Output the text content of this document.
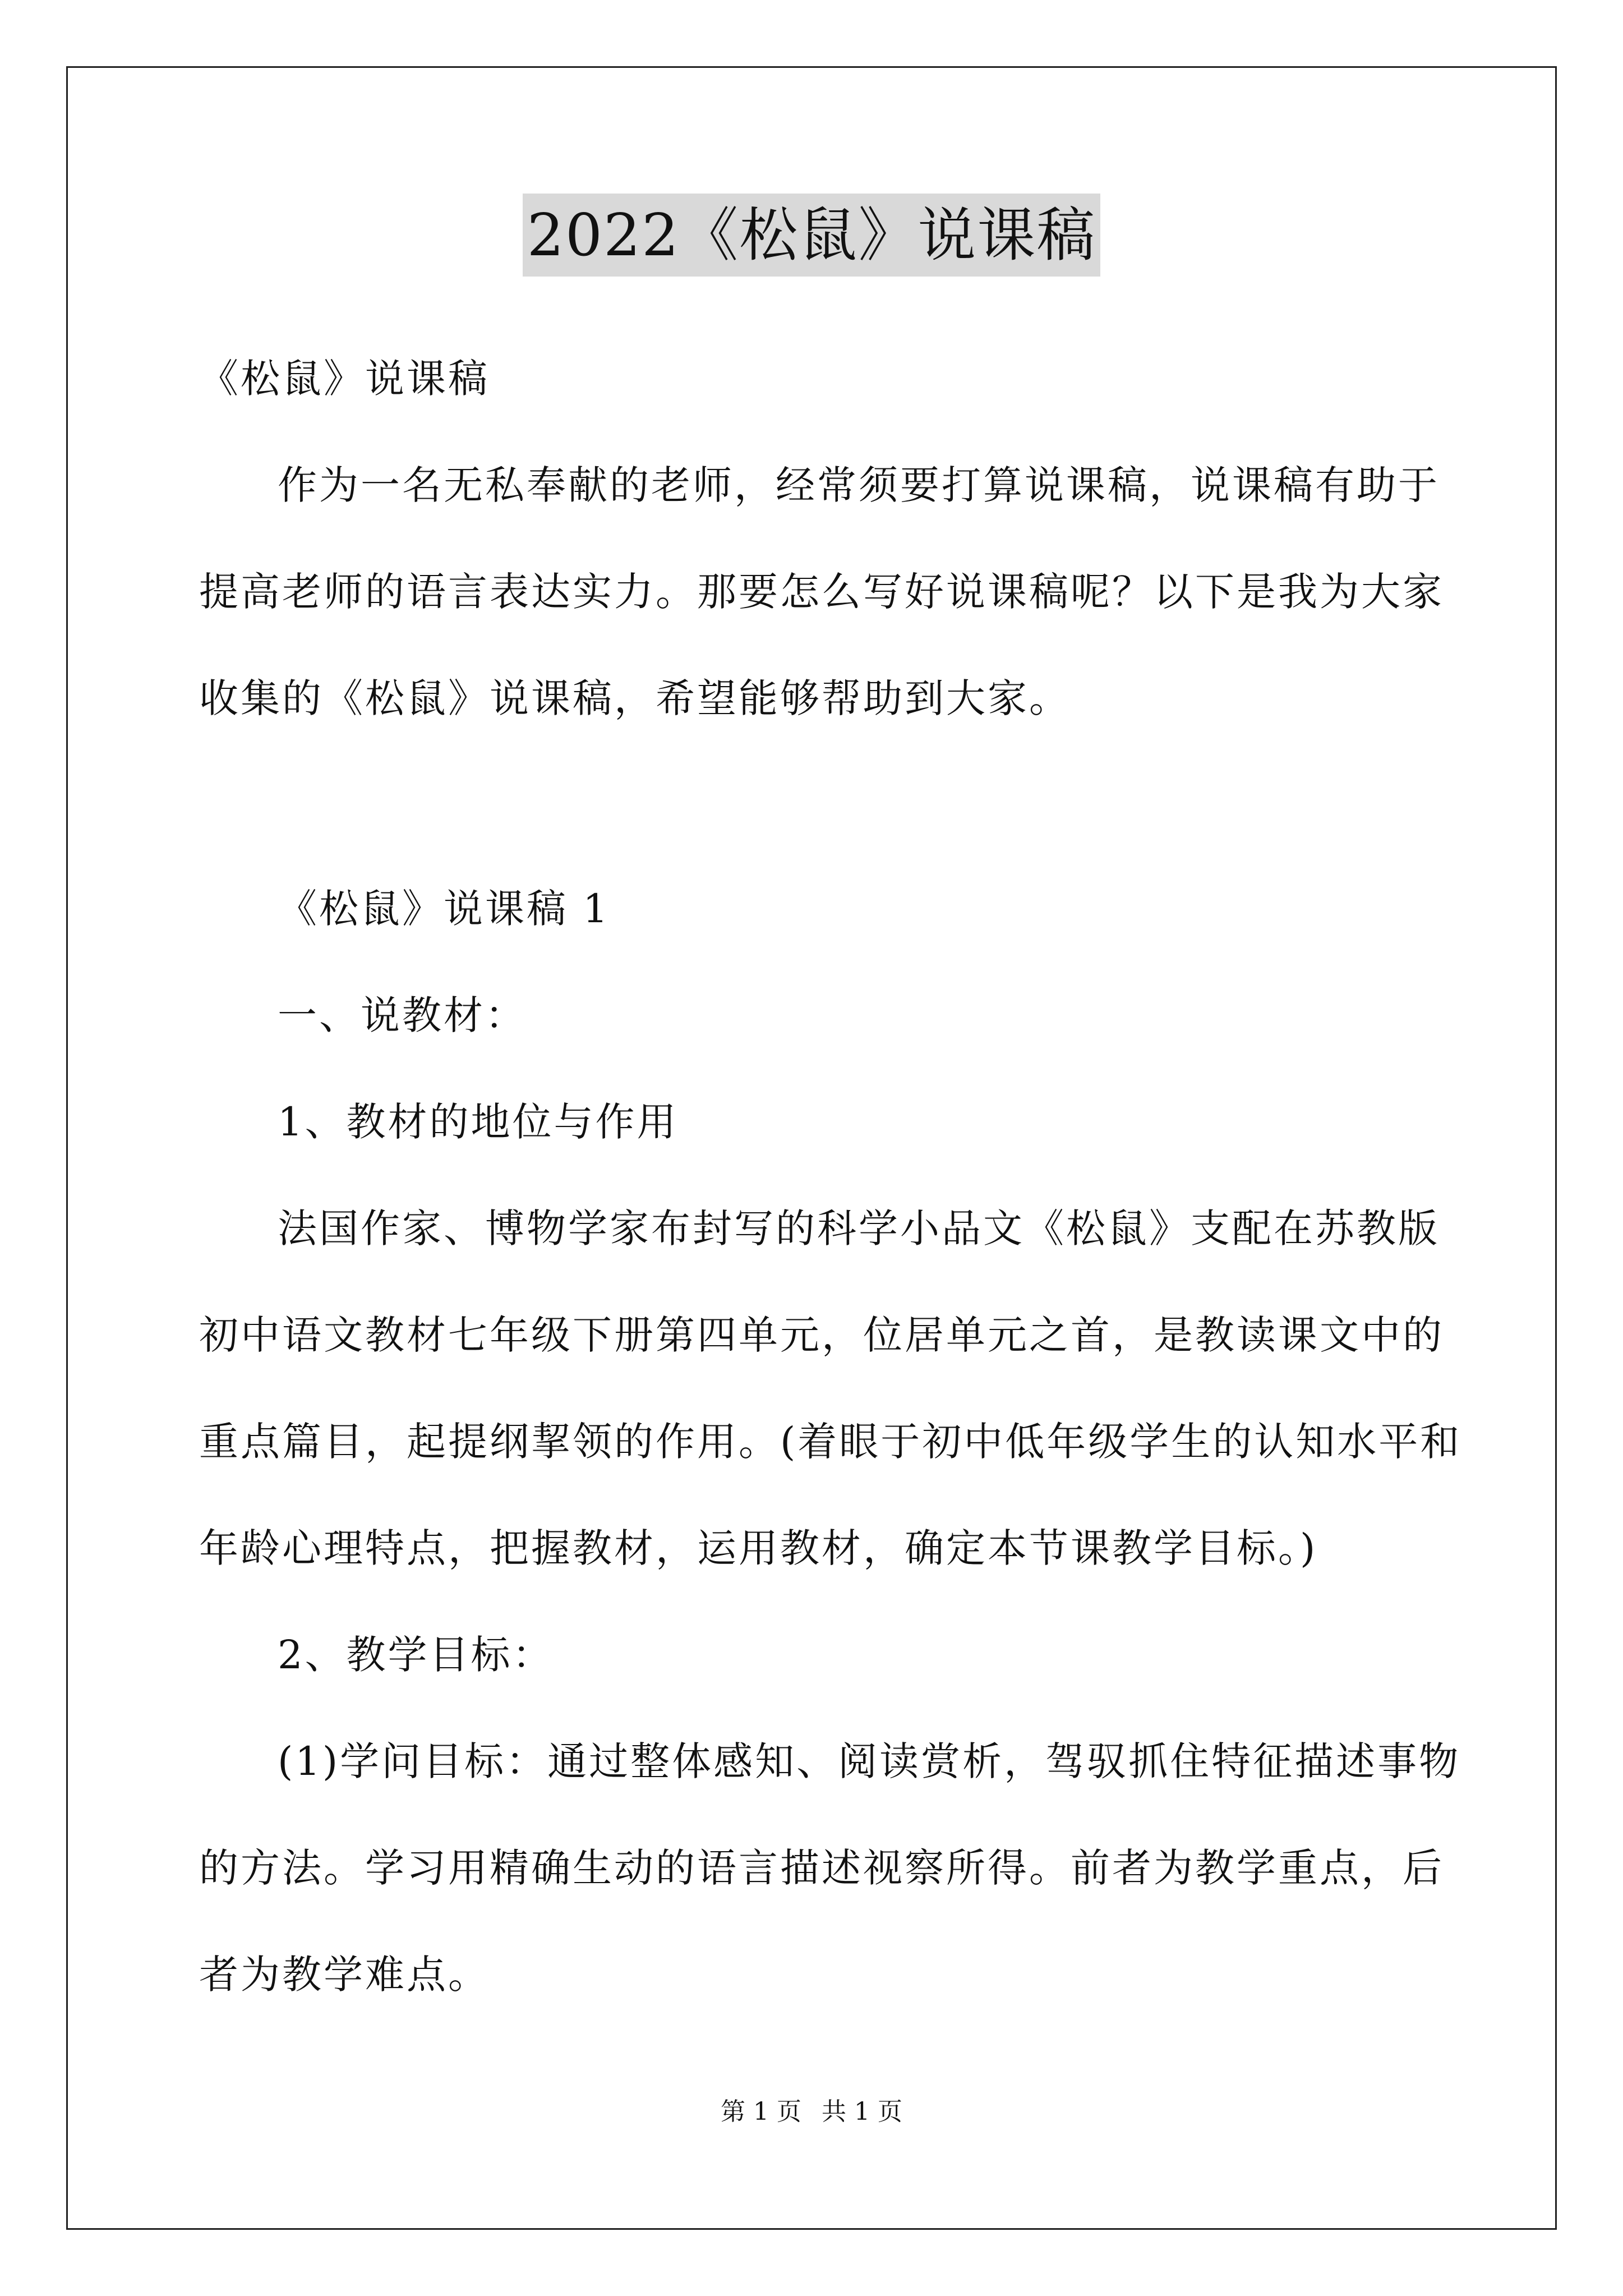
2022《松鼠》说课稿
《松鼠》说课稿
作为一名无私奉献的老师，经常须要打算说课稿，说课稿有助于
提高老师的语言表达实力。那要怎么写好说课稿呢？以下是我为大家
收集的《松鼠》说课稿，希望能够帮助到大家。
《松鼠》说课稿 1
一、说教材：
1、教材的地位与作用
法国作家、博物学家布封写的科学小品文《松鼠》支配在苏教版
初中语文教材七年级下册第四单元，位居单元之首，是教读课文中的
重点篇目，起提纲挈领的作用。(着眼于初中低年级学生的认知水平和
年龄心理特点，把握教材，运用教材，确定本节课教学目标。)
2、教学目标：
(1)学问目标：通过整体感知、阅读赏析，驾驭抓住特征描述事物
的方法。学习用精确生动的语言描述视察所得。前者为教学重点，后
者为教学难点。
第 1 页 共 1 页
